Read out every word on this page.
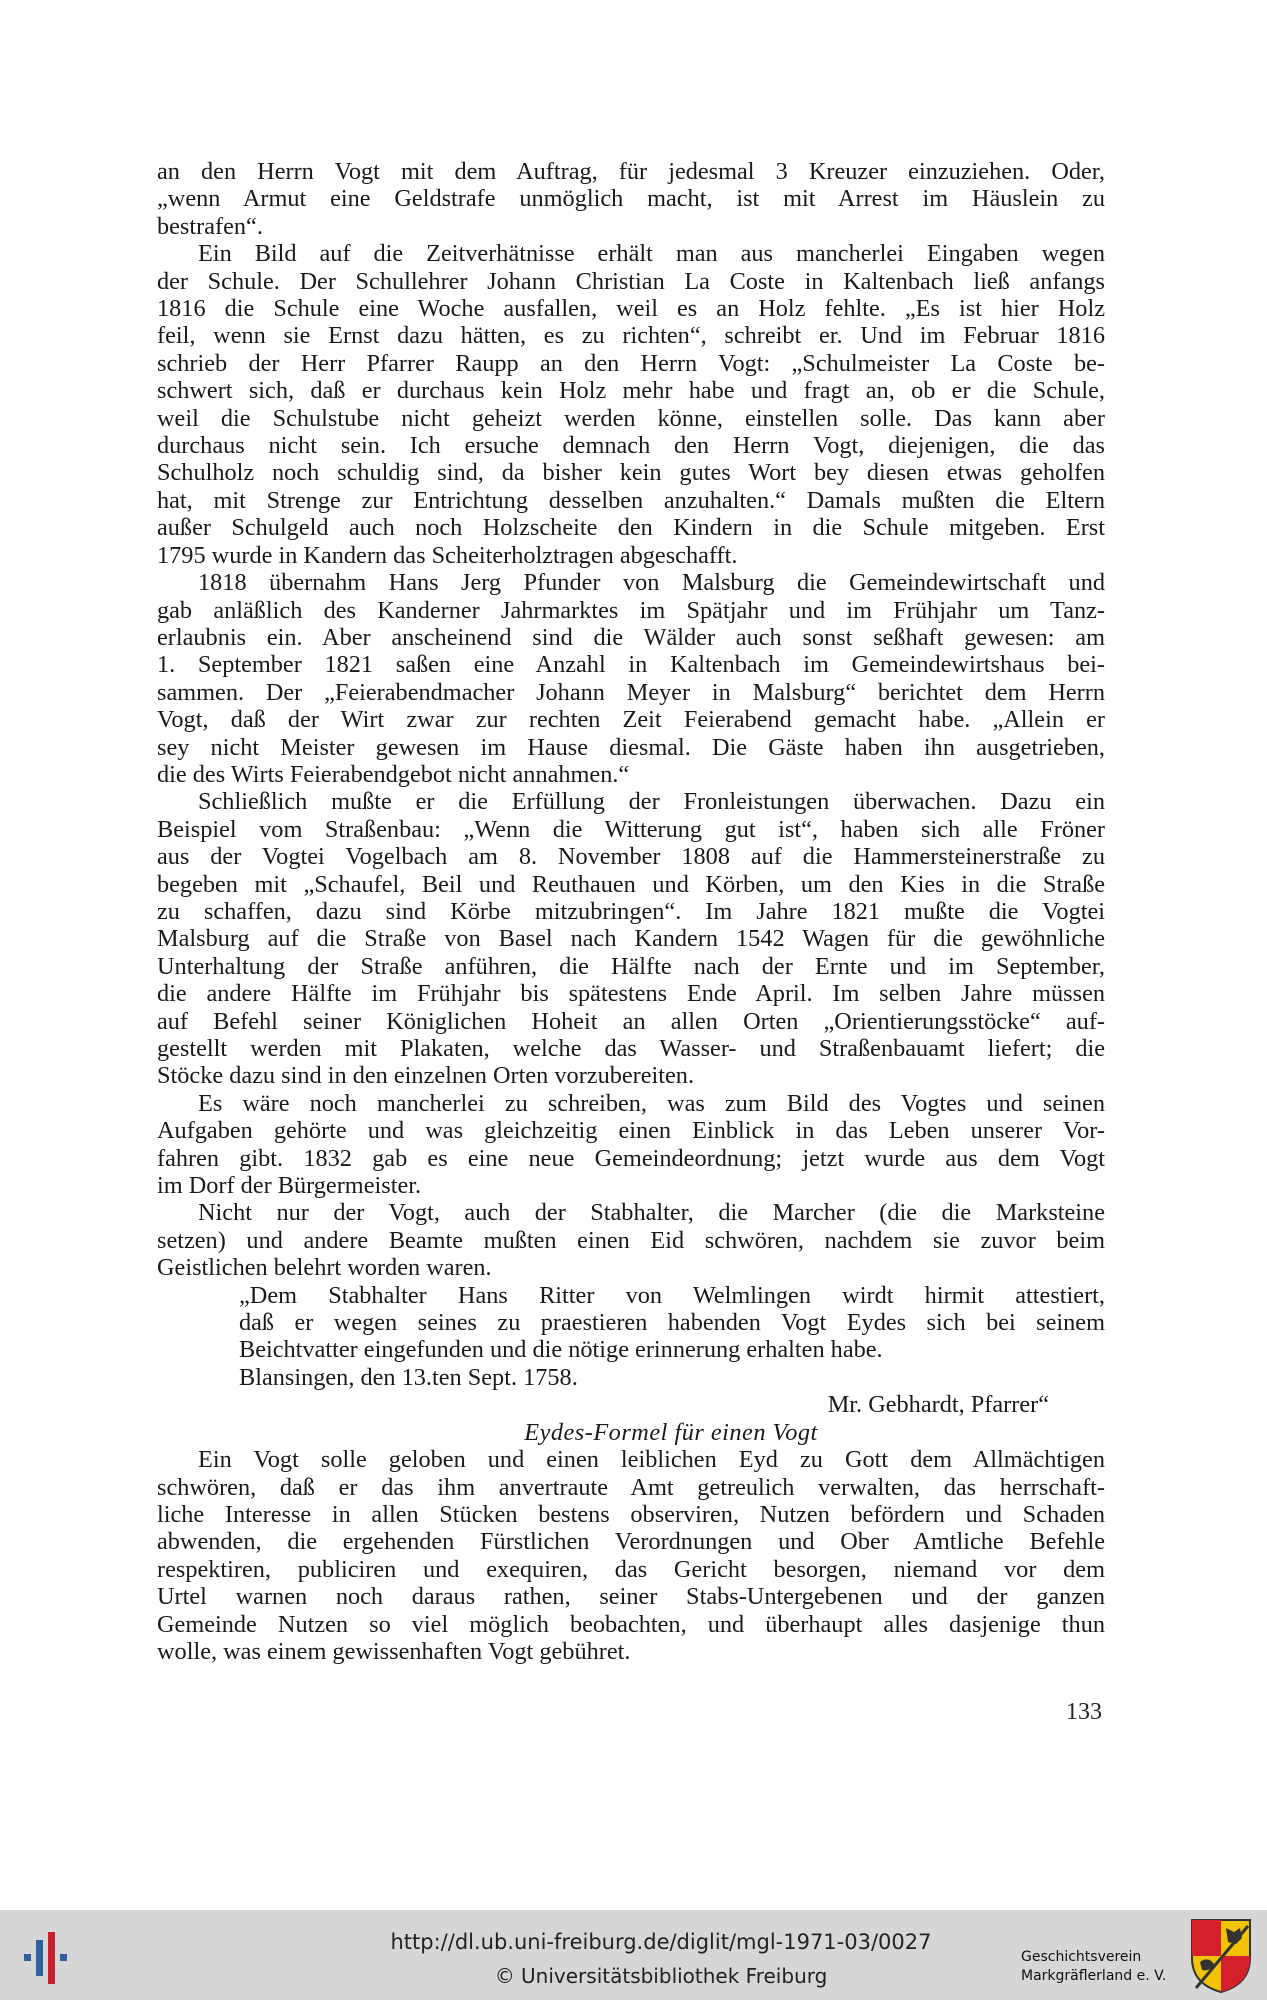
an den Herrn Vogt mit dem Auftrag, für jedesmal 3 Kreuzer einzuziehen. Oder,
„wenn Armut eine Geldstrafe unmöglich macht, ist mit Arrest im Häuslein zu
bestrafen“.
Ein Bild auf die Zeitverhätnisse erhält man aus mancherlei Eingaben wegen
der Schule. Der Schullehrer Johann Christian La Coste in Kaltenbach ließ anfangs
1816 die Schule eine Woche ausfallen, weil es an Holz fehlte. „Es ist hier Holz
feil, wenn sie Ernst dazu hätten, es zu richten“, schreibt er. Und im Februar 1816
schrieb der Herr Pfarrer Raupp an den Herrn Vogt: „Schulmeister La Coste be-
schwert sich, daß er durchaus kein Holz mehr habe und fragt an, ob er die Schule,
weil die Schulstube nicht geheizt werden könne, einstellen solle. Das kann aber
durchaus nicht sein. Ich ersuche demnach den Herrn Vogt, diejenigen, die das
Schulholz noch schuldig sind, da bisher kein gutes Wort bey diesen etwas geholfen
hat, mit Strenge zur Entrichtung desselben anzuhalten.“ Damals mußten die Eltern
außer Schulgeld auch noch Holzscheite den Kindern in die Schule mitgeben. Erst
1795 wurde in Kandern das Scheiterholztragen abgeschafft.
1818 übernahm Hans Jerg Pfunder von Malsburg die Gemeindewirtschaft und
gab anläßlich des Kanderner Jahrmarktes im Spätjahr und im Frühjahr um Tanz-
erlaubnis ein. Aber anscheinend sind die Wälder auch sonst seßhaft gewesen: am
1. September 1821 saßen eine Anzahl in Kaltenbach im Gemeindewirtshaus bei-
sammen. Der „Feierabendmacher Johann Meyer in Malsburg“ berichtet dem Herrn
Vogt, daß der Wirt zwar zur rechten Zeit Feierabend gemacht habe. „Allein er
sey nicht Meister gewesen im Hause diesmal. Die Gäste haben ihn ausgetrieben,
die des Wirts Feierabendgebot nicht annahmen.“
Schließlich mußte er die Erfüllung der Fronleistungen überwachen. Dazu ein
Beispiel vom Straßenbau: „Wenn die Witterung gut ist“, haben sich alle Fröner
aus der Vogtei Vogelbach am 8. November 1808 auf die Hammersteinerstraße zu
begeben mit „Schaufel, Beil und Reuthauen und Körben, um den Kies in die Straße
zu schaffen, dazu sind Körbe mitzubringen“. Im Jahre 1821 mußte die Vogtei
Malsburg auf die Straße von Basel nach Kandern 1542 Wagen für die gewöhnliche
Unterhaltung der Straße anführen, die Hälfte nach der Ernte und im September,
die andere Hälfte im Frühjahr bis spätestens Ende April. Im selben Jahre müssen
auf Befehl seiner Königlichen Hoheit an allen Orten „Orientierungsstöcke“ auf-
gestellt werden mit Plakaten, welche das Wasser- und Straßenbauamt liefert; die
Stöcke dazu sind in den einzelnen Orten vorzubereiten.
Es wäre noch mancherlei zu schreiben, was zum Bild des Vogtes und seinen
Aufgaben gehörte und was gleichzeitig einen Einblick in das Leben unserer Vor-
fahren gibt. 1832 gab es eine neue Gemeindeordnung; jetzt wurde aus dem Vogt
im Dorf der Bürgermeister.
Nicht nur der Vogt, auch der Stabhalter, die Marcher (die die Marksteine
setzen) und andere Beamte mußten einen Eid schwören, nachdem sie zuvor beim
Geistlichen belehrt worden waren.
„Dem Stabhalter Hans Ritter von Welmlingen wirdt hirmit attestiert,
daß er wegen seines zu praestieren habenden Vogt Eydes sich bei seinem
Beichtvatter eingefunden und die nötige erinnerung erhalten habe.
Blansingen, den 13.ten Sept. 1758.
Mr. Gebhardt, Pfarrer“
Eydes-Formel für einen Vogt
Ein Vogt solle geloben und einen leiblichen Eyd zu Gott dem Allmächtigen
schwören, daß er das ihm anvertraute Amt getreulich verwalten, das herrschaft-
liche Interesse in allen Stücken bestens observiren, Nutzen befördern und Schaden
abwenden, die ergehenden Fürstlichen Verordnungen und Ober Amtliche Befehle
respektiren, publiciren und exequiren, das Gericht besorgen, niemand vor dem
Urtel warnen noch daraus rathen, seiner Stabs-Untergebenen und der ganzen
Gemeinde Nutzen so viel möglich beobachten, und überhaupt alles dasjenige thun
wolle, was einem gewissenhaften Vogt gebühret.
133
http://dl.ub.uni-freiburg.de/diglit/mgl-1971-03/0027
© Universitätsbibliothek Freiburg
Geschichtsverein
Markgräflerland e. V.
